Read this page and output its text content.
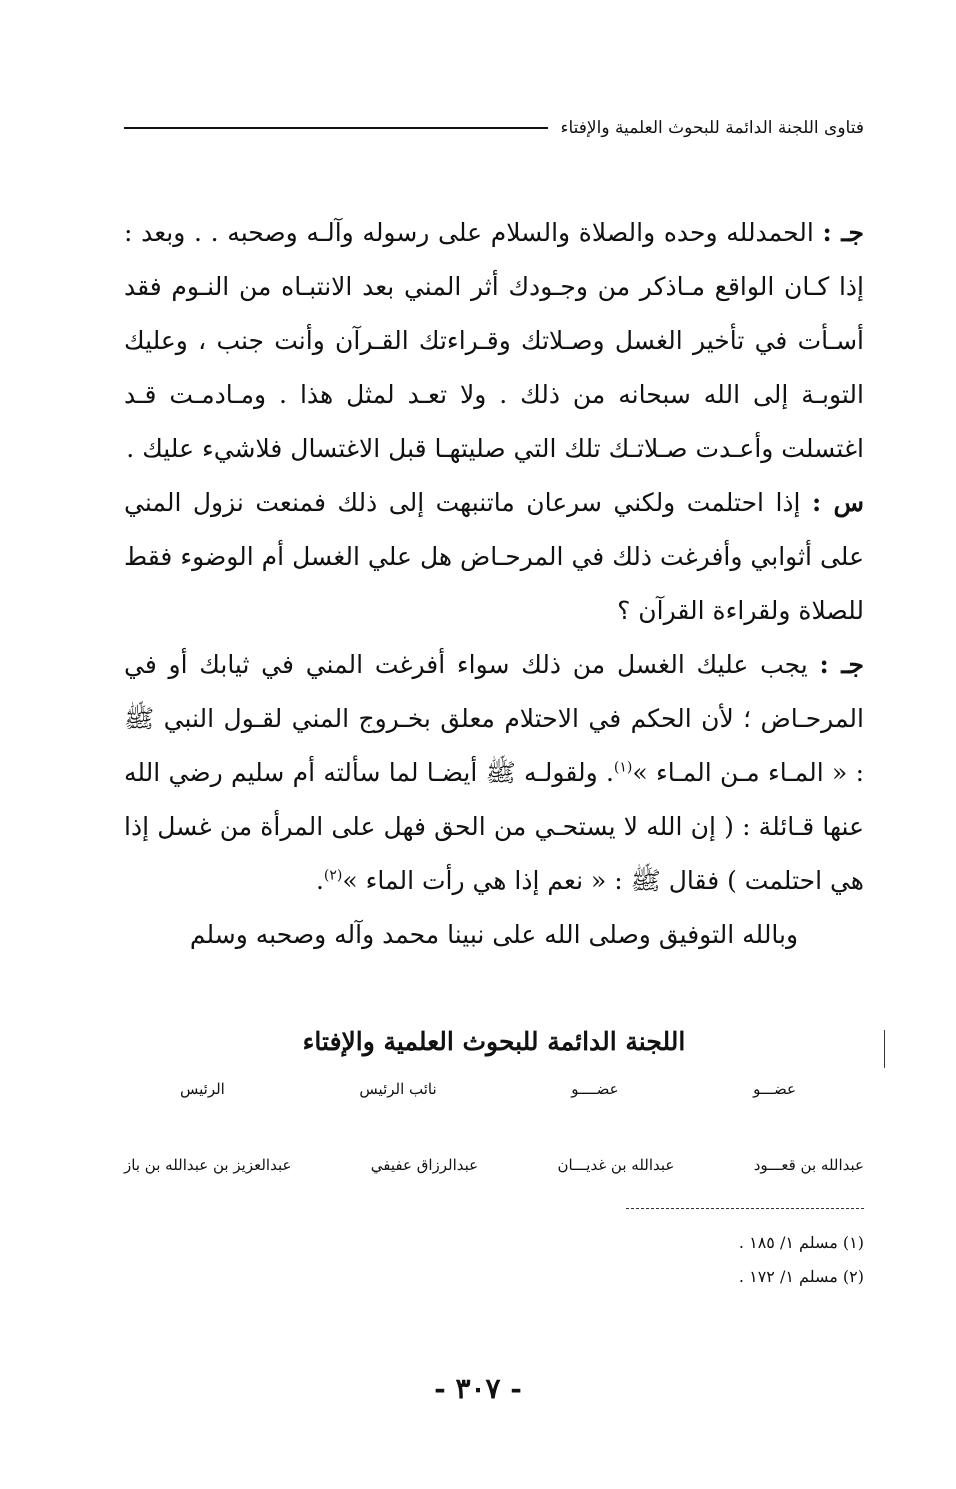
فتاوى اللجنة الدائمة للبحوث العلمية والإفتاء

جـ : الحمدلله وحده والصلاة والسلام على رسوله وآلـه وصحبه . . وبعد : إذا كـان الواقع مـاذكر من وجـودك أثر المني بعد الانتبـاه من النـوم فقد أسـأت في تأخير الغسل وصـلاتك وقـراءتك القـرآن وأنت جنب ، وعليك التوبـة إلى الله سبحانه من ذلك . ولا تعـد لمثل هذا . ومـادمـت قـد اغتسلت وأعـدت صـلاتـك تلك التي صليتهـا قبل الاغتسال فلاشيء عليك .

س : إذا احتلمت ولكني سرعان ماتنبهت إلى ذلك فمنعت نزول المني على أثوابي وأفرغت ذلك في المرحـاض هل علي الغسل أم الوضوء فقط للصلاة ولقراءة القرآن ؟

جـ : يجب عليك الغسل من ذلك سواء أفرغت المني في ثيابك أو في المرحـاض ؛ لأن الحكم في الاحتلام معلق بخـروج المني لقـول النبي ﷺ : « المـاء مـن المـاء »$^{(١)}$. ولقولـه ﷺ أيضـا لما سألته أم سليم رضي الله عنها قـائلة : ( إن الله لا يستحـي من الحق فهل على المرأة من غسل إذا هي احتلمت ) فقال ﷺ : « نعم إذا هي رأت الماء »$^{(٢)}$.

وبالله التوفيق وصلى الله على نبينا محمد وآله وصحبه وسلم

اللجنة الدائمة للبحوث العلمية والإفتاء
عضـــو
عضــــو
نائب الرئيس
الرئيس
عبدالله بن قعـــود
عبدالله بن غديـــان
عبدالرزاق عفيفي
عبدالعزيز بن عبدالله بن باز

(١) مسلم ١/ ١٨٥ .

(٢) مسلم ١/ ١٧٢ .

- ٣٠٧ -
